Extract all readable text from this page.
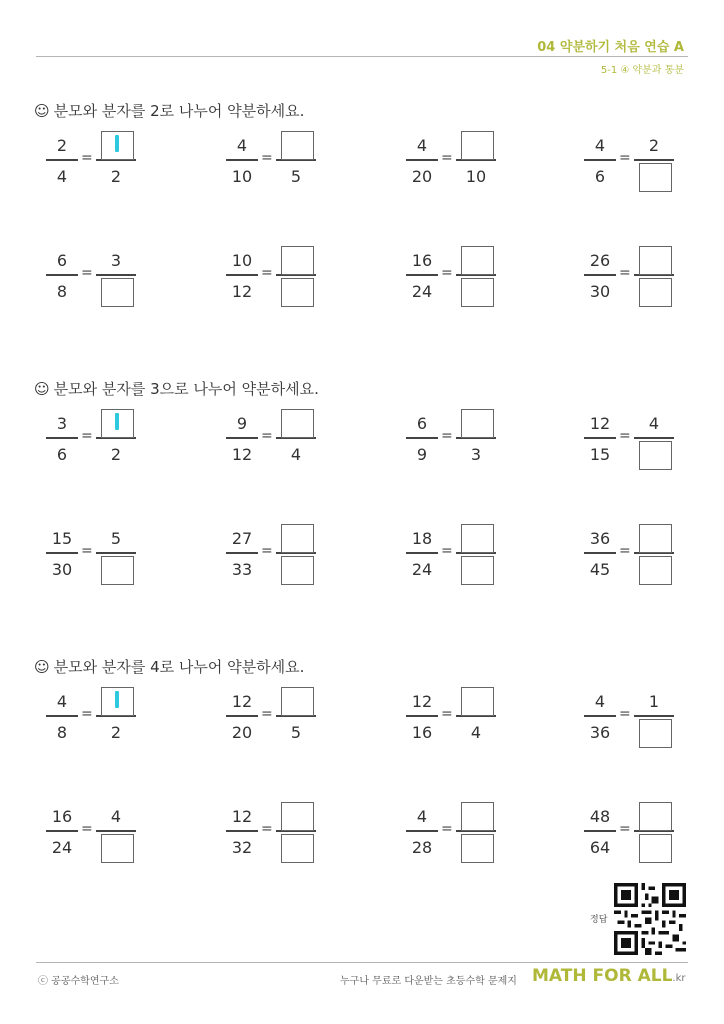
04 약분하기 처음 연습 A
5-1 ④ 약분과 통분
☺ 분모와 분자를 2로 나누어 약분하세요.
2
4
=
2
4
10
=
5
4
20
=
10
4
6
=
2
6
8
=
3	10
12
=
16
24
=
26
30
=
☺ 분모와 분자를 3으로 나누어 약분하세요.
3
6
=
2
9
12
=
4
6
9
=
3
12
15
=
4
15
30
=
5	27
33
=
18
24
=
36
45
=
☺ 분모와 분자를 4로 나누어 약분하세요.
4
8
=
2
12
20
=
5
12
16
=
4
4
36
=
1
16
24
=
4	12
32
=
4
28
=
48
64
=
ⓒ 공공수학연구소	누구나 무료로 다운받는 초등수학 문제지 MATH FOR ALL.kr
정답
